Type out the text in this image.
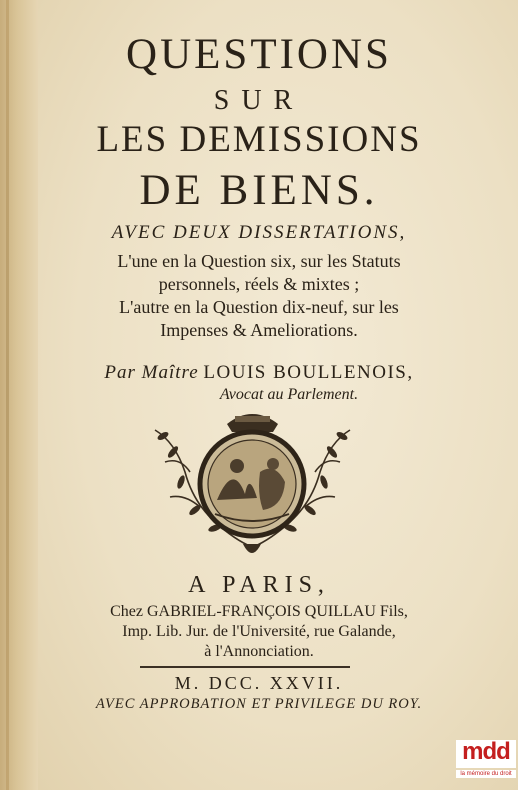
QUESTIONS
SUR
LES DEMISSIONS
DE BIENS.
AVEC DEUX DISSERTATIONS,
L'une en la Question six, sur les Statuts
personnels, réels & mixtes ;
L'autre en la Question dix-neuf, sur les
Impenses & Ameliorations.
Par Maître LOUIS BOULLENOIS,
Avocat au Parlement.
A PARIS,
Chez GABRIEL-FRANÇOIS QUILLAU Fils,
Imp. Lib. Jur. de l'Université, rue Galande,
à l'Annonciation.
M. DCC. XXVII.
AVEC APPROBATION ET PRIVILEGE DU ROY.
mdd
la mémoire du droit
